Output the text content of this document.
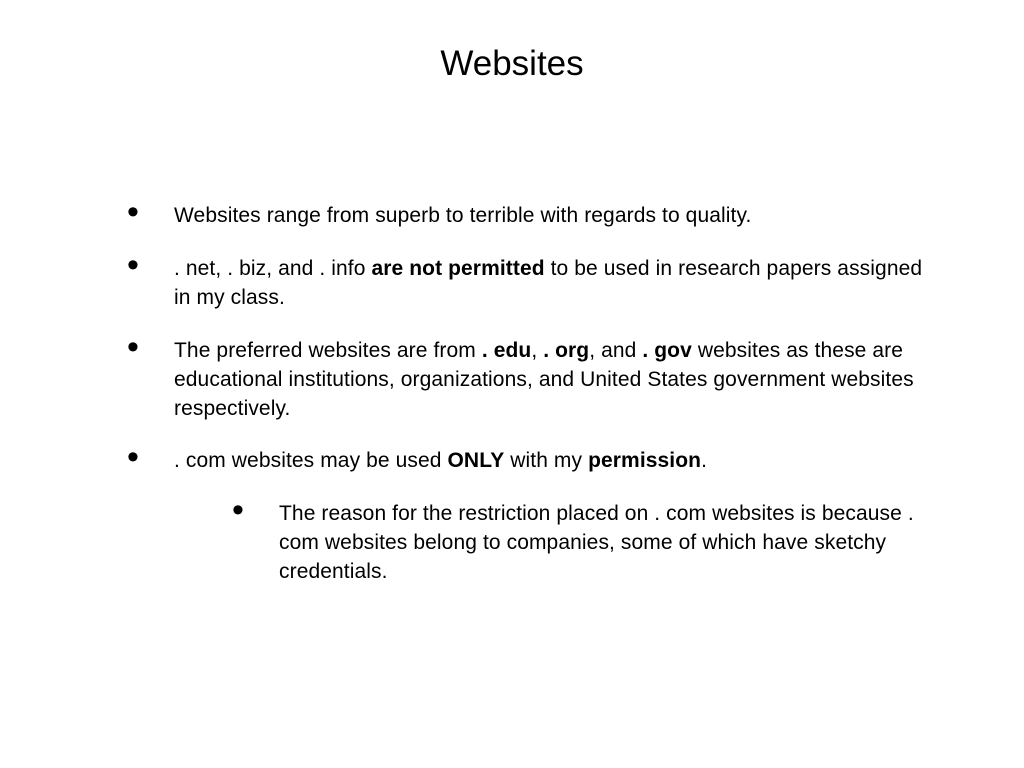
Websites
• Websites range from superb to terrible with regards to quality.
• . net, . biz, and . info are not permitted to be used in research papers assigned in my class.
• The preferred websites are from . edu, . org, and . gov websites as these are educational institutions, organizations, and United States government websites respectively.
• . com websites may be used ONLY with my permission.
• The reason for the restriction placed on . com websites is because . com websites belong to companies, some of which have sketchy credentials.
